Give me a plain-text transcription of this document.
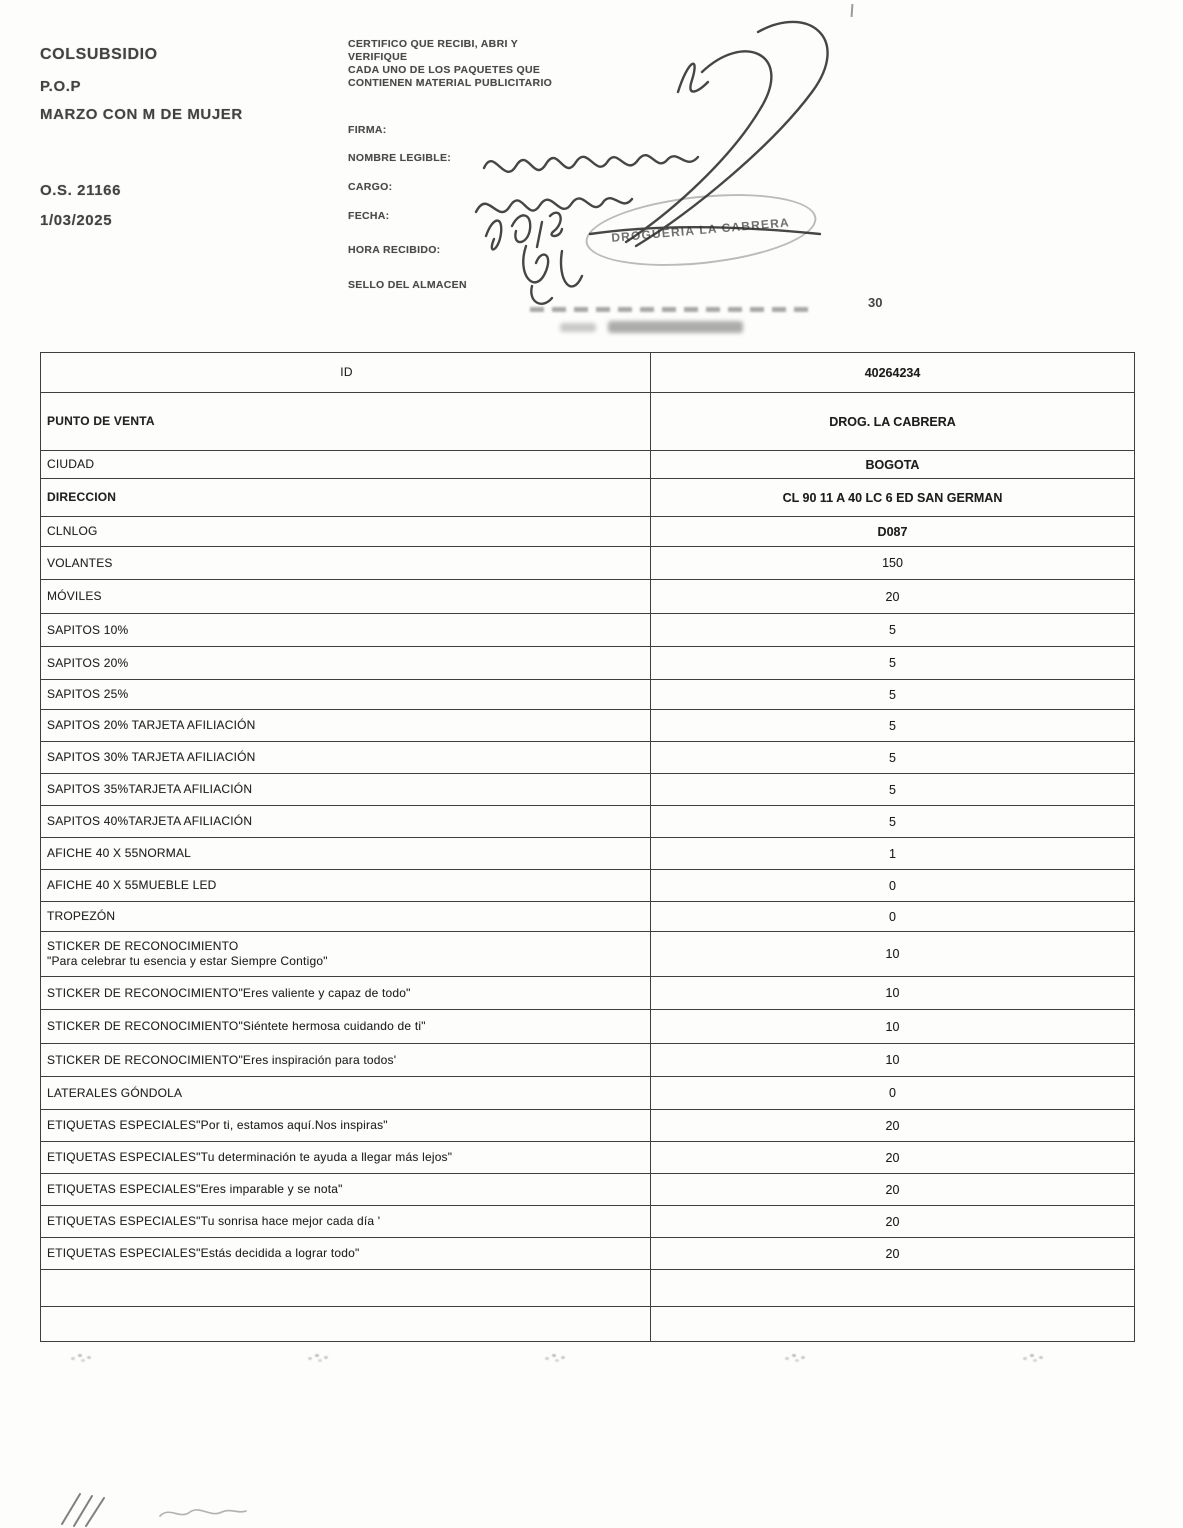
COLSUBSIDIO
P.O.P
MARZO CON M DE MUJER
O.S. 21166
1/03/2025
CERTIFICO QUE RECIBI, ABRI Y
VERIFIQUE
CADA UNO DE LOS PAQUETES QUE
CONTIENEN MATERIAL PUBLICITARIO
FIRMA:
NOMBRE LEGIBLE:
CARGO:
FECHA:
HORA RECIBIDO:
SELLO DEL ALMACEN
DROGUERIA LA CABRERA
30
ID	40264234
PUNTO DE VENTA	DROG. LA CABRERA
CIUDAD	BOGOTA
DIRECCION	CL 90 11 A 40 LC 6 ED SAN GERMAN
CLNLOG	D087
VOLANTES	150
MÓVILES	20
SAPITOS 10%	5
SAPITOS 20%	5
SAPITOS 25%	5
SAPITOS 20% TARJETA AFILIACIÓN	5
SAPITOS 30% TARJETA AFILIACIÓN	5
SAPITOS 35%TARJETA AFILIACIÓN	5
SAPITOS 40%TARJETA AFILIACIÓN	5
AFICHE 40 X 55NORMAL	1
AFICHE 40 X 55MUEBLE LED	0
TROPEZÓN	0
STICKER DE RECONOCIMIENTO
"Para celebrar tu esencia y estar Siempre Contigo"	10
STICKER DE RECONOCIMIENTO"Eres valiente y capaz de todo"	10
STICKER DE RECONOCIMIENTO"Siéntete hermosa cuidando de ti"	10
STICKER DE RECONOCIMIENTO"Eres inspiración para todos'	10
LATERALES GÓNDOLA	0
ETIQUETAS ESPECIALES"Por ti, estamos aquí.Nos inspiras"	20
ETIQUETAS ESPECIALES"Tu determinación te ayuda a llegar más lejos"	20
ETIQUETAS ESPECIALES"Eres imparable y se nota"	20
ETIQUETAS ESPECIALES"Tu sonrisa hace mejor cada día '	20
ETIQUETAS ESPECIALES"Estás decidida a lograr todo"	20
